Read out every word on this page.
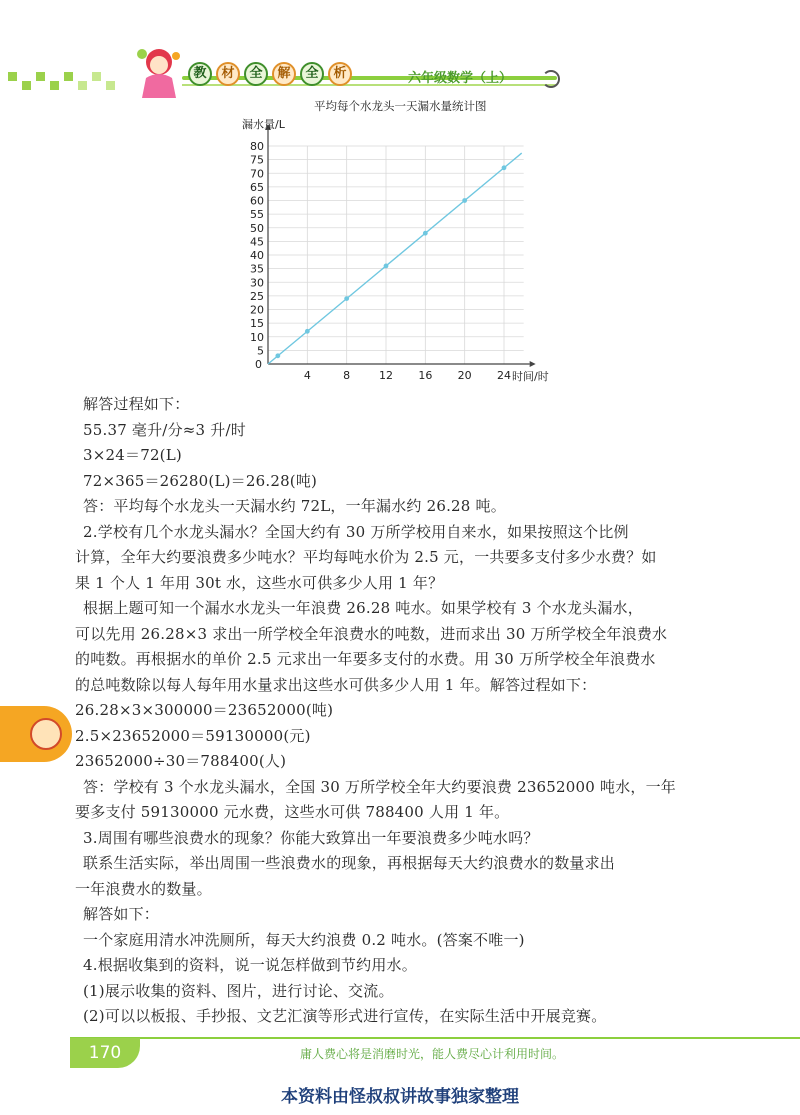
教	材	全	解	全	析	六年级数学（上）
平均每个水龙头一天漏水量统计图
漏水量/L
时间/时
5
10
15
20
25
30
35
40
45
50
55
60
65
70
75
80
4	8	12 16 20 24
0
解答过程如下：
55.37 毫升/分≈3 升/时
3×24＝72(L)
72×365＝26280(L)＝26.28(吨)
答：平均每个水龙头一天漏水约 72L，一年漏水约 26.28 吨。
2.学校有几个水龙头漏水？全国大约有 30 万所学校用自来水，如果按照这个比例
计算，全年大约要浪费多少吨水？平均每吨水价为 2.5 元，一共要多支付多少水费？如
果 1 个人 1 年用 30t 水，这些水可供多少人用 1 年？
根据上题可知一个漏水水龙头一年浪费 26.28 吨水。如果学校有 3 个水龙头漏水，
可以先用 26.28×3 求出一所学校全年浪费水的吨数，进而求出 30 万所学校全年浪费水
的吨数。再根据水的单价 2.5 元求出一年要多支付的水费。用 30 万所学校全年浪费水
的总吨数除以每人每年用水量求出这些水可供多少人用 1 年。解答过程如下：
26.28×3×300000＝23652000(吨)
2.5×23652000＝59130000(元)
23652000÷30＝788400(人)
答：学校有 3 个水龙头漏水，全国 30 万所学校全年大约要浪费 23652000 吨水，一年
要多支付 59130000 元水费，这些水可供 788400 人用 1 年。
3.周围有哪些浪费水的现象？你能大致算出一年要浪费多少吨水吗？
联系生活实际，举出周围一些浪费水的现象，再根据每天大约浪费水的数量求出
一年浪费水的数量。
解答如下：
一个家庭用清水冲洗厕所，每天大约浪费 0.2 吨水。(答案不唯一)
4.根据收集到的资料，说一说怎样做到节约用水。
(1)展示收集的资料、图片，进行讨论、交流。
(2)可以以板报、手抄报、文艺汇演等形式进行宣传，在实际生活中开展竞赛。
170	庸人费心将是消磨时光，能人费尽心计利用时间。
本资料由怪叔叔讲故事独家整理
